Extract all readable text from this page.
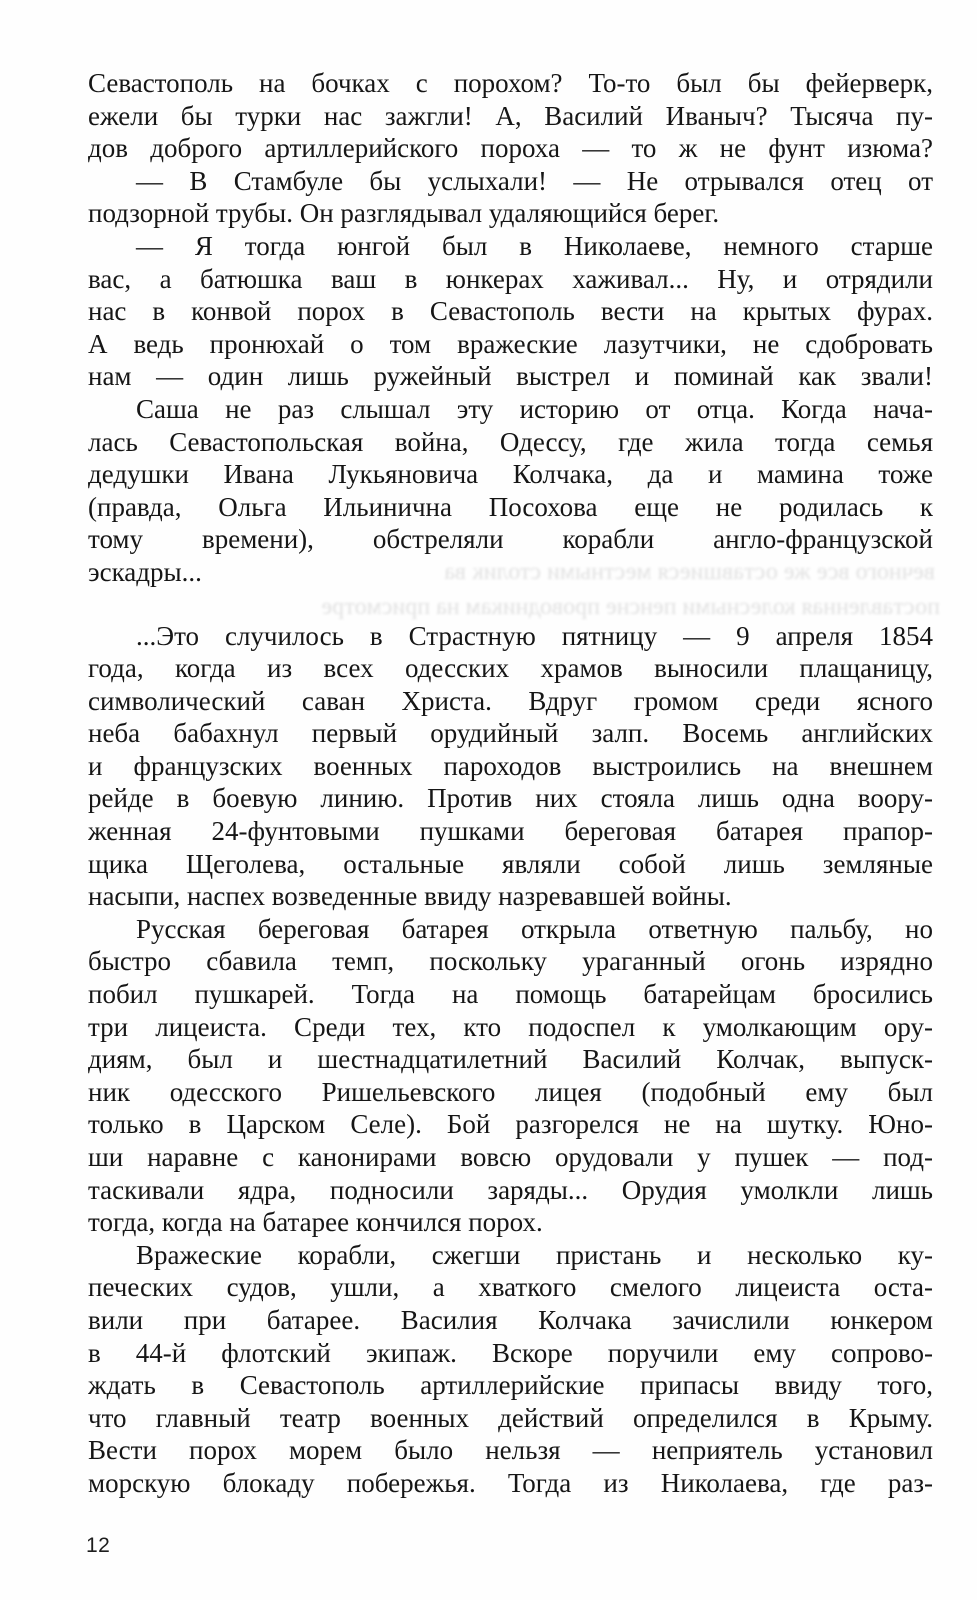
Севастополь на бочках с порохом? То-то был бы фейерверк,
ежели бы турки нас зажгли! А, Василий Иваныч? Тысяча пу-
дов доброго артиллерийского пороха — то ж не фунт изюма?
— В Стамбуле бы услыхали! — Не отрывался отец от
подзорной трубы. Он разглядывал удаляющийся берег.
— Я тогда юнгой был в Николаеве, немного старше
вас, а батюшка ваш в юнкерах хаживал... Ну, и отрядили
нас в конвой порох в Севастополь вести на крытых фурах.
А ведь пронюхай о том вражеские лазутчики, не сдобровать
нам — один лишь ружейный выстрел и поминай как звали!
Саша не раз слышал эту историю от отца. Когда нача-
лась Севастопольская война, Одессу, где жила тогда семья
дедушки Ивана Лукьяновича Колчака, да и мамина тоже
(правда, Ольга Ильинична Посохова еще не родилась к
тому времени), обстреляли корабли англо-французской
эскадры...
...Это случилось в Страстную пятницу — 9 апреля 1854
года, когда из всех одесских храмов выносили плащаницу,
символический саван Христа. Вдруг громом среди ясного
неба бабахнул первый орудийный залп. Восемь английских
и французских военных пароходов выстроились на внешнем
рейде в боевую линию. Против них стояла лишь одна воору-
женная 24-фунтовыми пушками береговая батарея прапор-
щика Щеголева, остальные являли собой лишь земляные
насыпи, наспех возведенные ввиду назревавшей войны.
Русская береговая батарея открыла ответную пальбу, но
быстро сбавила темп, поскольку ураганный огонь изрядно
побил пушкарей. Тогда на помощь батарейцам бросились
три лицеиста. Среди тех, кто подоспел к умолкающим ору-
диям, был и шестнадцатилетний Василий Колчак, выпуск-
ник одесского Ришельевского лицея (подобный ему был
только в Царском Селе). Бой разгорелся не на шутку. Юно-
ши наравне с канонирами вовсю орудовали у пушек — под-
таскивали ядра, подносили заряды... Орудия умолкли лишь
тогда, когда на батарее кончился порох.
Вражеские корабли, сжегши пристань и несколько ку-
печеских судов, ушли, а хваткого смелого лицеиста оста-
вили при батарее. Василия Колчака зачислили юнкером
в 44-й флотский экипаж. Вскоре поручили ему сопрово-
ждать в Севастополь артиллерийские припасы ввиду того,
что главный театр военных действий определился в Крыму.
Вести порох морем было нельзя — неприятель установил
морскую блокаду побережья. Тогда из Николаева, где раз-
вечного все же оставшиеся местными столик ва
поставленная колесными пенсне проводникам на присмотре
12
